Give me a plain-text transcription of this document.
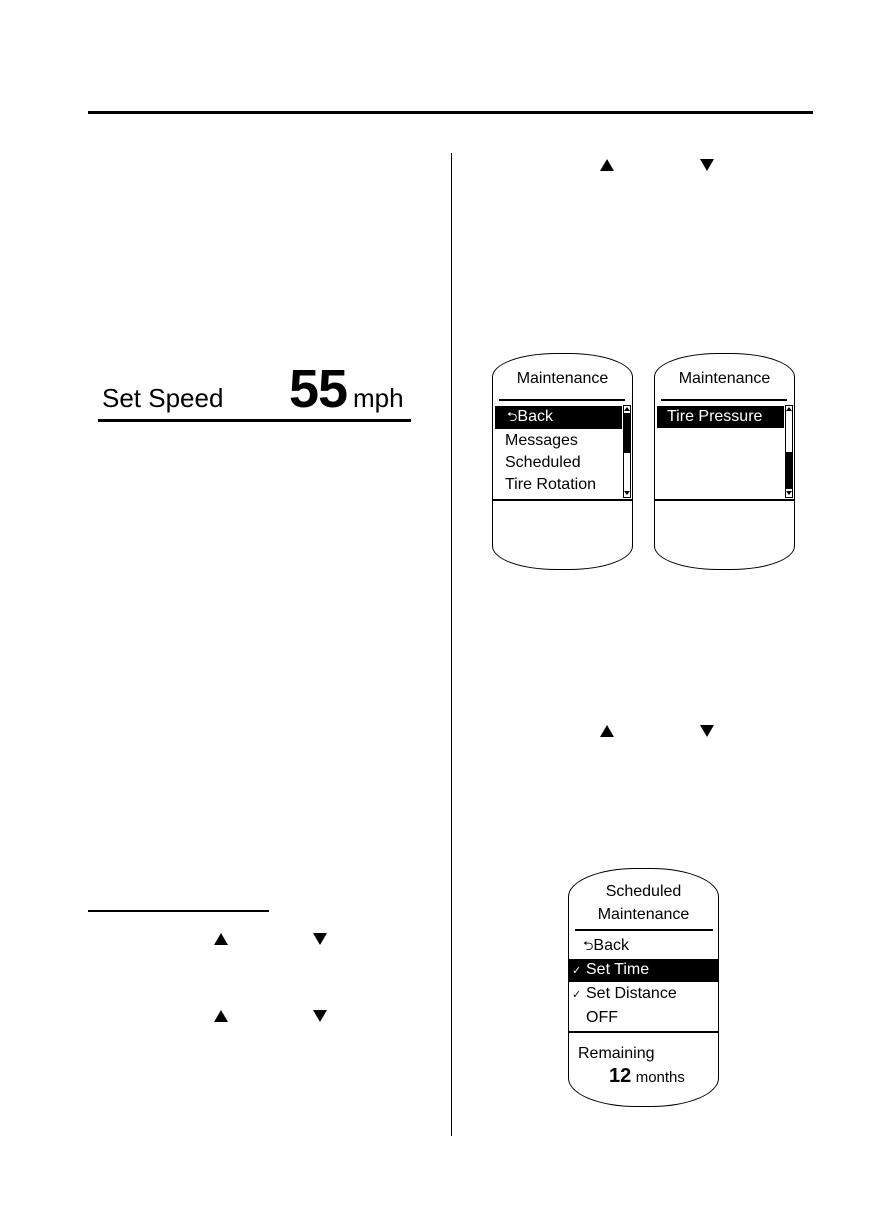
Set Speed 55 mph
Maintenance
⮌Back
Messages
Scheduled
Tire Rotation
Maintenance
Tire Pressure
Scheduled
Maintenance
⮌Back
✓ Set Time
✓ Set Distance
OFF
Remaining
12 months
